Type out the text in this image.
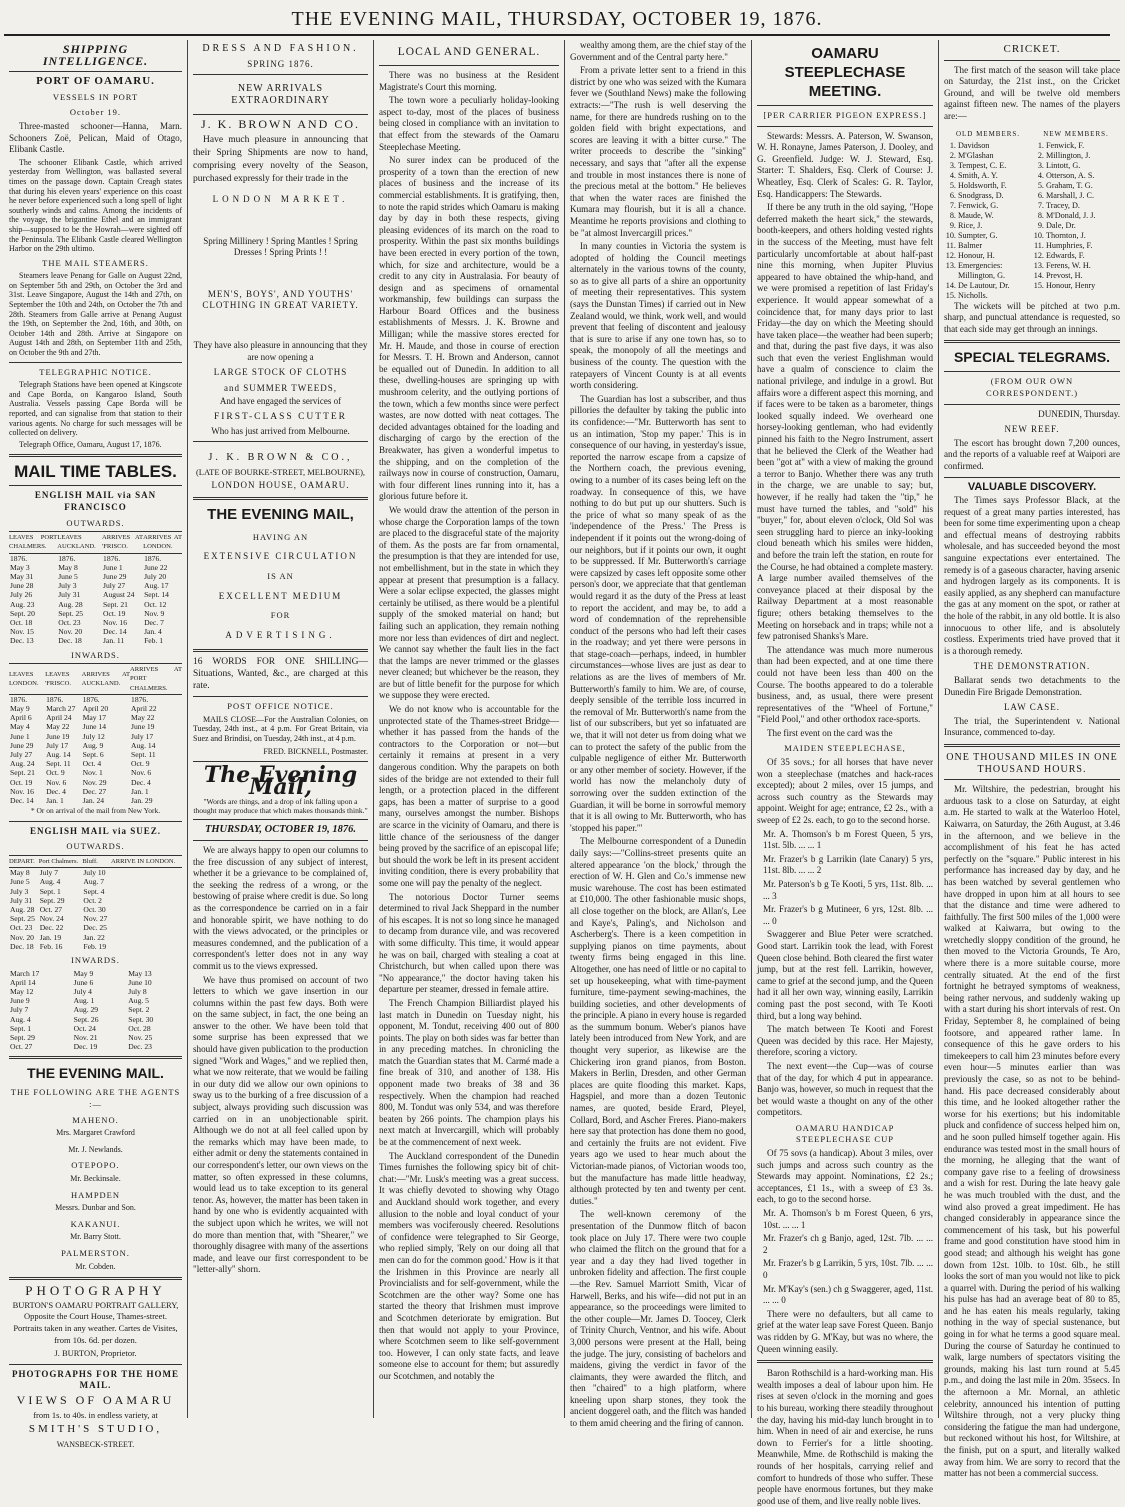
THE EVENING MAIL, THURSDAY, OCTOBER 19, 1876.
SHIPPING INTELLIGENCE.
PORT OF OAMARU.
VESSELS IN PORT
October 19.

Three-masted schooner—Hanna, Marn. Schooners Zoë, Pelican, Maid of Otago, Elibank Castle.

The schooner Elibank Castle, which arrived yesterday from Wellington, was ballasted several times on the passage down. Captain Creagh states that during his eleven years' experience on this coast he never before experienced such a long spell of light southerly winds and calms. Among the incidents of the voyage, the brigantine Ethel and an immigrant ship—supposed to be the Howrah—were sighted off the Peninsula. The Elibank Castle cleared Wellington Harbor on the 29th ultimo.

THE MAIL STEAMERS.

Steamers leave Penang for Galle on August 22nd, on September 5th and 29th, on October the 3rd and 31st. Leave Singapore, August the 14th and 27th, on September the 10th and 24th, on October the 7th and 28th. Steamers from Galle arrive at Penang August the 19th, on September the 2nd, 16th, and 30th, on October 14th and 28th. Arrive at Singapore on August 14th and 28th, on September 11th and 25th, on October the 9th and 27th.

TELEGRAPHIC NOTICE.

Telegraph Stations have been opened at Kingscote and Cape Borda, on Kangaroo Island, South Australia. Vessels passing Cape Borda will be reported, and can signalise from that station to their various agents. No charge for such messages will be collected on delivery.

Telegraph Office, Oamaru, August 17, 1876.

MAIL TIME TABLES.
ENGLISH MAIL via SAN FRANCISCO
OUTWARDS.
LEAVES PORT CHALMERS.	LEAVES AUCKLAND.	ARRIVES AT 'FRISCO.	ARRIVES AT LONDON.
1876.	1876.	1876.	1876.
May 3	May 8	June 1	June 22
May 31	June 5	June 29	July 20
June 28	July 3	July 27	Aug. 17
July 26	July 31	August 24	Sept. 14
Aug. 23	Aug. 28	Sept. 21	Oct. 12
Sept. 20	Sept. 25	Oct. 19	Nov. 9
Oct. 18	Oct. 23	Nov. 16	Dec. 7
Nov. 15	Nov. 20	Dec. 14	Jan. 4
Dec. 13	Dec. 18	Jan. 11	Feb. 1
INWARDS.
LEAVES LONDON.	LEAVES 'FRISCO.	ARRIVES AT AUCKLAND.	ARRIVES AT PORT CHALMERS.
1876.	1876.	1876.	1876.
May 9	March 27	April 20	April 22
April 6	April 24	May 17	May 22
May 4	May 22	June 14	June 19
June 1	June 19	July 12	July 17
June 29	July 17	Aug. 9	Aug. 14
July 27	Aug. 14	Sept. 6	Sept. 11
Aug. 24	Sept. 11	Oct. 4	Oct. 9
Sept. 21	Oct. 9	Nov. 1	Nov. 6
Oct. 19	Nov. 6	Nov. 29	Dec. 4
Nov. 16	Dec. 4	Dec. 27	Jan. 1
Dec. 14	Jan. 1	Jan. 24	Jan. 29

* Or on arrival of the mail from New York.

ENGLISH MAIL via SUEZ.
OUTWARDS.
DEPART.	Port Chalmers.	Bluff.	ARRIVE IN LONDON.
May 8	July 7	July 10	
June 5	Aug. 4	Aug. 7	
July 3	Sept. 1	Sept. 4	
July 31	Sept. 29	Oct. 2	
Aug. 28	Oct. 27	Oct. 30	
Sept. 25	Nov. 24	Nov. 27	
Oct. 23	Dec. 22	Dec. 25	
Nov. 20	Jan. 19	Jan. 22	
Dec. 18	Feb. 16	Feb. 19	
INWARDS.
March 17	May 9	May 13
April 14	June 6	June 10
May 12	July 4	July 8
June 9	Aug. 1	Aug. 5
July 7	Aug. 29	Sept. 2
Aug. 4	Sept. 26	Sept. 30
Sept. 1	Oct. 24	Oct. 28
Sept. 29	Nov. 21	Nov. 25
Oct. 27	Dec. 19	Dec. 23
THE EVENING MAIL.
THE FOLLOWING ARE THE AGENTS :—
MAHENO.
Mrs. Margaret Crawford
Mr. J. Newlands.
OTEPOPO.
Mr. Beckinsale.
HAMPDEN
Messrs. Dunbar and Son.
KAKANUI.
Mr. Barry Stott.
PALMERSTON.
Mr. Cobden.
PHOTOGRAPHY

BURTON'S OAMARU PORTRAIT GALLERY, Opposite the Court House, Thames-street. Portraits taken in any weather. Cartes de Visites, from 10s. 6d. per dozen.

J. BURTON, Proprietor.

PHOTOGRAPHS FOR THE HOME MAIL.
VIEWS OF OAMARU

from 1s. to 40s. in endless variety, at

SMITH'S STUDIO,

WANSBECK-STREET.

DRESS AND FASHION.
SPRING 1876.
NEW ARRIVALS EXTRAORDINARY
J. K. BROWN AND CO.

Have much pleasure in announcing that their Spring Shipments are now to hand, comprising every novelty of the Season, purchased expressly for their trade in the

LONDON MARKET.

Spring Millinery ! Spring Mantles ! Spring Dresses ! Spring Prints ! !

MEN'S, BOYS', AND YOUTHS' CLOTHING IN GREAT VARIETY.

They have also pleasure in announcing that they are now opening a

LARGE STOCK OF CLOTHS
and SUMMER TWEEDS,

And have engaged the services of

FIRST-CLASS CUTTER

Who has just arrived from Melbourne.

J. K. BROWN & CO.,

(LATE OF BOURKE-STREET, MELBOURNE),

LONDON HOUSE, OAMARU.

THE EVENING MAIL,
HAVING AN
EXTENSIVE CIRCULATION
IS AN
EXCELLENT MEDIUM
FOR
ADVERTISING.

16 WORDS FOR ONE SHILLING—Situations, Wanted, &c., are charged at this rate.

POST OFFICE NOTICE.

MAILS CLOSE—For the Australian Colonies, on Tuesday, 24th inst., at 4 p.m. For Great Britain, via Suez and Brindisi, on Tuesday, 24th inst., at 4 p.m.

FRED. BICKNELL, Postmaster.

The Evening Mail,

"Words are things, and a drop of ink falling upon a thought may produce that which makes thousands think."

THURSDAY, OCTOBER 19, 1876.

We are always happy to open our columns to the free discussion of any subject of interest, whether it be a grievance to be complained of, the seeking the redress of a wrong, or the bestowing of praise where credit is due. So long as the correspondence be carried on in a fair and honorable spirit, we have nothing to do with the views advocated, or the principles or measures condemned, and the publication of a correspondent's letter does not in any way commit us to the views expressed.

We have thus promised on account of two letters to which we gave insertion in our columns within the past few days. Both were on the same subject, in fact, the one being an answer to the other. We have been told that some surprise has been expressed that we should have given publication to the production signed "Work and Wages," and we replied then, what we now reiterate, that we would be failing in our duty did we allow our own opinions to sway us to the burking of a free discussion of a subject, always providing such discussion was carried on in an unobjectionable spirit. Although we do not at all feel called upon by the remarks which may have been made, to either admit or deny the statements contained in our correspondent's letter, our own views on the matter, so often expressed in these columns, would lead us to take exception to its general tenor. As, however, the matter has been taken in hand by one who is evidently acquainted with the subject upon which he writes, we will not do more than mention that, with "Shearer," we thoroughly disagree with many of the assertions made, and leave our first correspondent to be "letter-ally" shorn.

LOCAL AND GENERAL.

There was no business at the Resident Magistrate's Court this morning.

The town wore a peculiarly holiday-looking aspect to-day, most of the places of business being closed in compliance with an invitation to that effect from the stewards of the Oamaru Steeplechase Meeting.

No surer index can be produced of the prosperity of a town than the erection of new places of business and the increase of its commercial establishments. It is gratifying, then, to note the rapid strides which Oamaru is making day by day in both these respects, giving pleasing evidences of its march on the road to prosperity. Within the past six months buildings have been erected in every portion of the town, which, for size and architecture, would be a credit to any city in Australasia. For beauty of design and as specimens of ornamental workmanship, few buildings can surpass the Harbour Board Offices and the business establishments of Messrs. J. K. Browne and Milligan; while the massive stores erected for Mr. H. Maude, and those in course of erection for Messrs. T. H. Brown and Anderson, cannot be equalled out of Dunedin. In addition to all these, dwelling-houses are springing up with mushroom celerity, and the outlying portions of the town, which a few months since were perfect wastes, are now dotted with neat cottages. The decided advantages obtained for the loading and discharging of cargo by the erection of the Breakwater, has given a wonderful impetus to the shipping, and on the completion of the railways now in course of construction, Oamaru, with four different lines running into it, has a glorious future before it.

We would draw the attention of the person in whose charge the Corporation lamps of the town are placed to the disgraceful state of the majority of them. As the posts are far from ornamental, the presumption is that they are intended for use, not embellishment, but in the state in which they appear at present that presumption is a fallacy. Were a solar eclipse expected, the glasses might certainly be utilised, as there would be a plentiful supply of the smoked material on hand; but failing such an application, they remain nothing more nor less than evidences of dirt and neglect. We cannot say whether the fault lies in the fact that the lamps are never trimmed or the glasses never cleaned; but whichever be the reason, they are but of little benefit for the purpose for which we suppose they were erected.

We do not know who is accountable for the unprotected state of the Thames-street Bridge—whether it has passed from the hands of the contractors to the Corporation or not—but certainly it remains at present in a very dangerous condition. Why the parapets on both sides of the bridge are not extended to their full length, or a protection placed in the different gaps, has been a matter of surprise to a good many, ourselves amongst the number. Bishops are scarce in the vicinity of Oamaru, and there is little chance of the seriousness of the danger being proved by the sacrifice of an episcopal life; but should the work be left in its present accident inviting condition, there is every probability that some one will pay the penalty of the neglect.

The notorious Doctor Turner seems determined to rival Jack Sheppard in the number of his escapes. It is not so long since he managed to decamp from durance vile, and was recovered with some difficulty. This time, it would appear he was on bail, charged with stealing a coat at Christchurch, but when called upon there was "No appearance," the doctor having taken his departure per steamer, dressed in female attire.

The French Champion Billiardist played his last match in Dunedin on Tuesday night, his opponent, M. Tondut, receiving 400 out of 800 points. The play on both sides was far better than in any preceding matches. In chronicling the match the Guardian states that M. Carmé made a fine break of 310, and another of 138. His opponent made two breaks of 38 and 36 respectively. When the champion had reached 800, M. Tondut was only 534, and was therefore beaten by 266 points. The champion plays his next match at Invercargill, which will probably be at the commencement of next week.

The Auckland correspondent of the Dunedin Times furnishes the following spicy bit of chit-chat:—"Mr. Lusk's meeting was a great success. It was chiefly devoted to showing why Otago and Auckland should work together, and every allusion to the noble and loyal conduct of your members was vociferously cheered. Resolutions of confidence were telegraphed to Sir George, who replied simply, 'Rely on our doing all that men can do for the common good.' How is it that the Irishmen in this Province are nearly all Provincialists and for self-government, while the Scotchmen are the other way? Some one has started the theory that Irishmen must improve and Scotchmen deteriorate by emigration. But then that would not apply to your Province, where Scotchmen seem to like self-government too. However, I can only state facts, and leave someone else to account for them; but assuredly our Scotchmen, and notably the

wealthy among them, are the chief stay of the Government and of the Central party here."

From a private letter sent to a friend in this district by one who was seized with the Kumara fever we (Southland News) make the following extracts:—"The rush is well deserving the name, for there are hundreds rushing on to the golden field with bright expectations, and scores are leaving it with a bitter curse." The writer proceeds to describe the "sinking" necessary, and says that "after all the expense and trouble in most instances there is none of the precious metal at the bottom." He believes that when the water races are finished the Kumara may flourish, but it is all a chance. Meantime he reports provisions and clothing to be "at almost Invercargill prices."

In many counties in Victoria the system is adopted of holding the Council meetings alternately in the various towns of the county, so as to give all parts of a shire an opportunity of meeting their representatives. This system (says the Dunstan Times) if carried out in New Zealand would, we think, work well, and would prevent that feeling of discontent and jealousy that is sure to arise if any one town has, so to speak, the monopoly of all the meetings and business of the county. The question with the ratepayers of Vincent County is at all events worth considering.

The Guardian has lost a subscriber, and thus pillories the defaulter by taking the public into its confidence:—"Mr. Butterworth has sent to us an intimation, 'Stop my paper.' This is in consequence of our having, in yesterday's issue, reported the narrow escape from a capsize of the Northern coach, the previous evening, owing to a number of its cases being left on the roadway. In consequence of this, we have nothing to do but put up our shutters. Such is the price of what so many speak of as the 'independence of the Press.' The Press is independent if it points out the wrong-doing of our neighbors, but if it points our own, it ought to be suppressed. If Mr. Butterworth's carriage were capsized by cases left opposite some other person's door, we appreciate that that gentleman would regard it as the duty of the Press at least to report the accident, and may be, to add a word of condemnation of the reprehensible conduct of the persons who had left their cases in the roadway; and yet there were persons in that stage-coach—perhaps, indeed, in humbler circumstances—whose lives are just as dear to relations as are the lives of members of Mr. Butterworth's family to him. We are, of course, deeply sensible of the terrible loss incurred in the removal of Mr. Butterworth's name from the list of our subscribers, but yet so infatuated are we, that it will not deter us from doing what we can to protect the safety of the public from the culpable negligence of either Mr. Butterworth or any other member of society. However, if the world has now the melancholy duty of sorrowing over the sudden extinction of the Guardian, it will be borne in sorrowful memory that it is all owing to Mr. Butterworth, who has 'stopped his paper.'"

The Melbourne correspondent of a Dunedin daily says:—"Collins-street presents quite an altered appearance 'on the block,' through the erection of W. H. Glen and Co.'s immense new music warehouse. The cost has been estimated at £10,000. The other fashionable music shops, all close together on the block, are Allan's, Lee and Kaye's, Paling's, and Nicholson and Ascherberg's. There is a keen competition in supplying pianos on time payments, about twenty firms being engaged in this line. Altogether, one has need of little or no capital to set up housekeeping, what with time-payment furniture, time-payment sewing-machines, the building societies, and other developments of the principle. A piano in every house is regarded as the summum bonum. Weber's pianos have lately been introduced from New York, and are thought very superior, as likewise are the Chickering iron grand pianos, from Boston. Makers in Berlin, Dresden, and other German places are quite flooding this market. Kaps, Hagspiel, and more than a dozen Teutonic names, are quoted, beside Erard, Pleyel, Collard, Bord, and Ascher Freres. Piano-makers here say that protection has done them no good, and certainly the fruits are not evident. Five years ago we used to hear much about the Victorian-made pianos, of Victorian woods too, but the manufacture has made little headway, although protected by ten and twenty per cent. duties."

The well-known ceremony of the presentation of the Dunmow flitch of bacon took place on July 17. There were two couple who claimed the flitch on the ground that for a year and a day they had lived together in unbroken fidelity and affection. The first couple—the Rev. Samuel Marriott Smith, Vicar of Harwell, Berks, and his wife—did not put in an appearance, so the proceedings were limited to the other couple—Mr. James D. Toocey, Clerk of Trinity Church, Ventnor, and his wife. About 3,000 persons were present at the Hall, being the judge. The jury, consisting of bachelors and maidens, giving the verdict in favor of the claimants, they were awarded the flitch, and then "chaired" to a high platform, where kneeling upon sharp stones, they took the ancient doggerel oath, and the flitch was handed to them amid cheering and the firing of cannon.

OAMARU STEEPLECHASE MEETING.
[PER CARRIER PIGEON EXPRESS.]

Stewards: Messrs. A. Paterson, W. Swanson, W. H. Ronayne, James Paterson, J. Dooley, and G. Greenfield. Judge: W. J. Steward, Esq. Starter: T. Shalders, Esq. Clerk of Course: J. Wheatley, Esq. Clerk of Scales: G. R. Taylor, Esq. Handicappers: The Stewards.

If there be any truth in the old saying, "Hope deferred maketh the heart sick," the stewards, booth-keepers, and others holding vested rights in the success of the Meeting, must have felt particularly uncomfortable at about half-past nine this morning, when Jupiter Pluvius appeared to have obtained the whip-hand, and we were promised a repetition of last Friday's experience. It would appear somewhat of a coincidence that, for many days prior to last Friday—the day on which the Meeting should have taken place—the weather had been superb; and that, during the past five days, it was also such that even the veriest Englishman would have a qualm of conscience to claim the national privilege, and indulge in a growl. But affairs wore a different aspect this morning, and if faces were to be taken as a barometer, things looked squally indeed. We overheard one horsey-looking gentleman, who had evidently pinned his faith to the Negro Instrument, assert that he believed the Clerk of the Weather had been "got at" with a view of making the ground a terror to Banjo. Whether there was any truth in the charge, we are unable to say; but, however, if he really had taken the "tip," he must have turned the tables, and "sold" his "buyer," for, about eleven o'clock, Old Sol was seen struggling hard to pierce an inky-looking cloud beneath which his smiles were hidden, and before the train left the station, en route for the Course, he had obtained a complete mastery. A large number availed themselves of the conveyance placed at their disposal by the Railway Department at a most reasonable figure; others betaking themselves to the Meeting on horseback and in traps; while not a few patronised Shanks's Mare.

The attendance was much more numerous than had been expected, and at one time there could not have been less than 400 on the Course. The booths appeared to do a tolerable business, and, as usual, there were present representatives of the "Wheel of Fortune," "Field Pool," and other orthodox race-sports.

The first event on the card was the

MAIDEN STEEPLECHASE,

Of 35 sovs.; for all horses that have never won a steeplechase (matches and hack-races excepted); about 2 miles, over 15 jumps, and across such country as the Stewards may appoint. Weight for age; entrance, £2 2s., with a sweep of £2 2s. each, to go to the second horse.

Mr. A. Thomson's b m Forest Queen, 5 yrs, 11st. 5lb. ... ... 1

Mr. Frazer's b g Larrikin (late Canary) 5 yrs, 11st. 8lb. ... ... 2

Mr. Paterson's b g Te Kooti, 5 yrs, 11st. 8lb. ... ... 3

Mr. Frazer's b g Mutineer, 6 yrs, 12st. 8lb. ... ... 0

Swaggerer and Blue Peter were scratched. Good start. Larrikin took the lead, with Forest Queen close behind. Both cleared the first water jump, but at the rest fell. Larrikin, however, came to grief at the second jump, and the Queen had it all her own way, winning easily, Larrikin coming past the post second, with Te Kooti third, but a long way behind.

The match between Te Kooti and Forest Queen was decided by this race. Her Majesty, therefore, scoring a victory.

The next event—the Cup—was of course that of the day, for which 4 put in appearance. Banjo was, however, so much in request that the bet would waste a thought on any of the other competitors.

OAMARU HANDICAP STEEPLECHASE CUP

Of 75 sovs (a handicap). About 3 miles, over such jumps and across such country as the Stewards may appoint. Nominations, £2 2s.; acceptances, £1 1s., with a sweep of £3 3s. each, to go to the second horse.

Mr. A. Thomson's b m Forest Queen, 6 yrs, 10st. ... ... 1

Mr. Frazer's ch g Banjo, aged, 12st. 7lb. ... ... 2

Mr. Frazer's b g Larrikin, 5 yrs, 10st. 7lb. ... ... 0

Mr. M'Kay's (sen.) ch g Swaggerer, aged, 11st. ... ... 0

There were no defaulters, but all came to grief at the water leap save Forest Queen. Banjo was ridden by G. M'Kay, but was no where, the Queen winning easily.

Baron Rothschild is a hard-working man. His wealth imposes a deal of labour upon him. He rises at seven o'clock in the morning and goes to his bureau, working there steadily throughout the day, having his mid-day lunch brought in to him. When in need of air and exercise, he runs down to Ferrier's for a little shooting. Meanwhile, Mme. de Rothschild is making the rounds of her hospitals, carrying relief and comfort to hundreds of those who suffer. These people have enormous fortunes, but they make good use of them, and live really noble lives.

CRICKET.

The first match of the season will take place on Saturday, the 21st inst., on the Cricket Ground, and will be twelve old members against fifteen new. The names of the players are:—

OLD MEMBERS.
1. Davidson
2. M'Glashan
3. Tempest, C. E.
4. Smith, A. Y.
5. Holdsworth, F.
6. Snodgrass, D.
7. Fenwick, G.
8. Maude, W.
9. Rice, J.
10. Sumpter, G.
11. Balmer
12. Honour, H.
13. Emergencies: Millington, G.
14. De Lautour, Dr.
15. Nicholls.
NEW MEMBERS.
1. Fenwick, F.
2. Millington, J.
3. Lintott, G.
4. Otterson, A. S.
5. Graham, T. G.
6. Marshall, J. C.
7. Tracey, D.
8. M'Donald, J. J.
9. Dale, Dr.
10. Thornton, J.
11. Humphries, F.
12. Edwards, F.
13. Ferens, W. H.
14. Prevost, H.
15. Honour, Henry

The wickets will be pitched at two p.m. sharp, and punctual attendance is requested, so that each side may get through an innings.

SPECIAL TELEGRAMS.
(FROM OUR OWN CORRESPONDENT.)

DUNEDIN, Thursday.

NEW REEF.

The escort has brought down 7,200 ounces, and the reports of a valuable reef at Waipori are confirmed.

VALUABLE DISCOVERY.

The Times says Professor Black, at the request of a great many parties interested, has been for some time experimenting upon a cheap and effectual means of destroying rabbits wholesale, and has succeeded beyond the most sanguine expectations ever entertained. The remedy is of a gaseous character, having arsenic and hydrogen largely as its components. It is easily applied, as any shepherd can manufacture the gas at any moment on the spot, or rather at the hole of the rabbit, in any old bottle. It is also innocuous to other life, and is absolutely costless. Experiments tried have proved that it is a thorough remedy.

THE DEMONSTRATION.

Ballarat sends two detachments to the Dunedin Fire Brigade Demonstration.

LAW CASE.

The trial, the Superintendent v. National Insurance, commenced to-day.

ONE THOUSAND MILES IN ONE THOUSAND HOURS.

Mr. Wiltshire, the pedestrian, brought his arduous task to a close on Saturday, at eight a.m. He started to walk at the Waterloo Hotel, Kaiwarra, on Saturday, the 26th August, at 3.46 in the afternoon, and we believe in the accomplishment of his feat he has acted perfectly on the "square." Public interest in his performance has increased day by day, and he has been watched by several gentlemen who have dropped in upon him at all hours to see that the distance and time were adhered to faithfully. The first 500 miles of the 1,000 were walked at Kaiwarra, but owing to the wretchedly sloppy condition of the ground, he then moved to the Victoria Grounds, Te Aro, where there is a more suitable course, more centrally situated. At the end of the first fortnight he betrayed symptoms of weakness, being rather nervous, and suddenly waking up with a start during his short intervals of rest. On Friday, September 8, he complained of being footsore, and appeared rather lame. In consequence of this he gave orders to his timekeepers to call him 23 minutes before every even hour—5 minutes earlier than was previously the case, so as not to be behind-hand. His pace decreased considerably about this time, and he looked altogether rather the worse for his exertions; but his indomitable pluck and confidence of success helped him on, and he soon pulled himself together again. His endurance was tested most in the small hours of the morning, he alleging that the want of company gave rise to a feeling of drowsiness and a wish for rest. During the late heavy gale he was much troubled with the dust, and the wind also proved a great impediment. He has changed considerably in appearance since the commencement of his task, but his powerful frame and good constitution have stood him in good stead; and although his weight has gone down from 12st. 10lb. to 10st. 6lb., he still looks the sort of man you would not like to pick a quarrel with. During the period of his walking his pulse has had an average beat of 80 to 85, and he has eaten his meals regularly, taking nothing in the way of special sustenance, but going in for what he terms a good square meal. During the course of Saturday he continued to walk, large numbers of spectators visiting the grounds, making his last turn round at 5.45 p.m., and doing the last mile in 20m. 35secs. In the afternoon a Mr. Mornal, an athletic celebrity, announced his intention of putting Wiltshire through, not a very plucky thing considering the fatigue the man had undergone, but reckoned without his host, for Wiltshire, at the finish, put on a spurt, and literally walked away from him. We are sorry to record that the matter has not been a commercial success.
